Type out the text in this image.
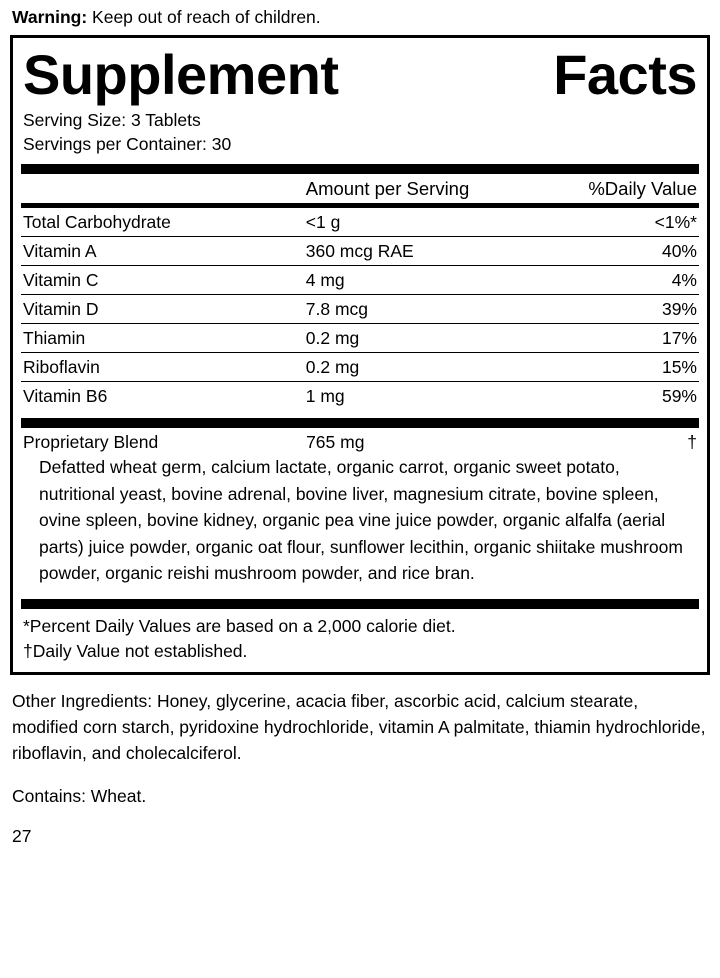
Warning: Keep out of reach of children.
Supplement	Facts
Serving Size: 3 Tablets
Servings per Container: 30
	Amount per Serving	%Daily Value
Total Carbohydrate	<1 g	<1%*
Vitamin A	360 mcg RAE	40%
Vitamin C	4 mg	4%
Vitamin D	7.8 mcg	39%
Thiamin	0.2 mg	17%
Riboflavin	0.2 mg	15%
Vitamin B6	1 mg	59%
Proprietary Blend	765 mg	†
Defatted wheat germ, calcium lactate, organic carrot, organic sweet potato, nutritional yeast, bovine adrenal, bovine liver, magnesium citrate, bovine spleen, ovine spleen, bovine kidney, organic pea vine juice powder, organic alfalfa (aerial parts) juice powder, organic oat flour, sunflower lecithin, organic shiitake mushroom powder, organic reishi mushroom powder, and rice bran.
*Percent Daily Values are based on a 2,000 calorie diet.
†Daily Value not established.
Other Ingredients: Honey, glycerine, acacia fiber, ascorbic acid, calcium stearate, modified corn starch, pyridoxine hydrochloride, vitamin A palmitate, thiamin hydrochloride, riboflavin, and cholecalciferol.
Contains: Wheat.
27
